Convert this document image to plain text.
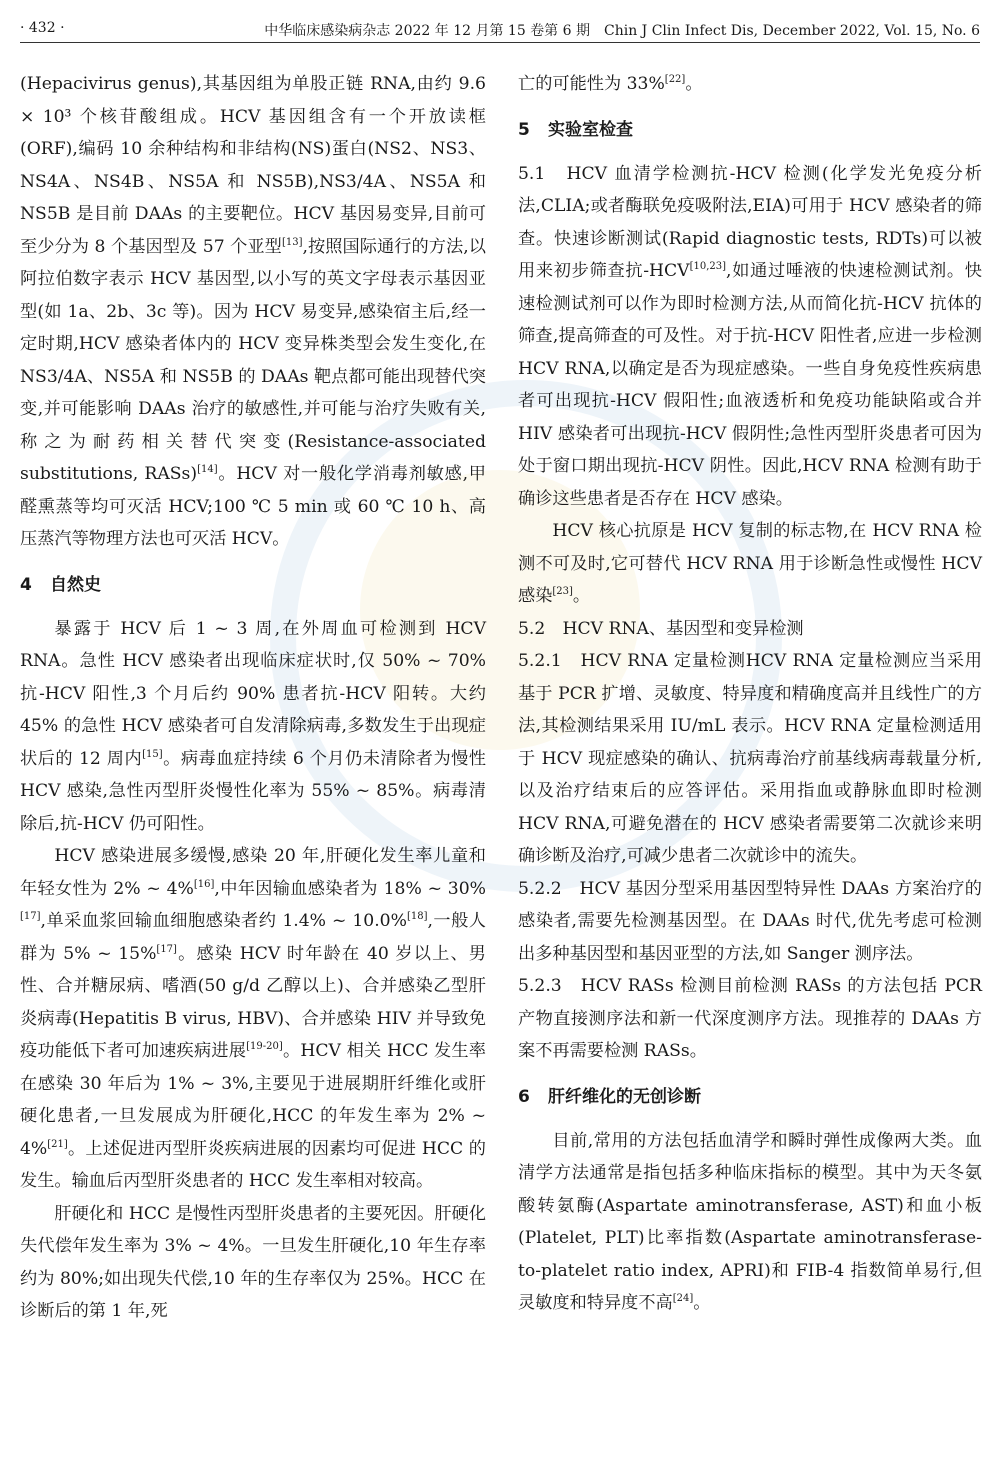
· 432 ·	中华临床感染病杂志 2022 年 12 月第 15 卷第 6 期　Chin J Clin Infect Dis, December 2022, Vol. 15, No. 6

(Hepacivirus genus),其基因组为单股正链 RNA,由约 9.6 × 10³ 个核苷酸组成。HCV 基因组含有一个开放读框(ORF),编码 10 余种结构和非结构(NS)蛋白(NS2、NS3、NS4A、NS4B、NS5A 和 NS5B),NS3/4A、NS5A 和 NS5B 是目前 DAAs 的主要靶位。HCV 基因易变异,目前可至少分为 8 个基因型及 57 个亚型[13],按照国际通行的方法,以阿拉伯数字表示 HCV 基因型,以小写的英文字母表示基因亚型(如 1a、2b、3c 等)。因为 HCV 易变异,感染宿主后,经一定时期,HCV 感染者体内的 HCV 变异株类型会发生变化,在 NS3/4A、NS5A 和 NS5B 的 DAAs 靶点都可能出现替代突变,并可能影响 DAAs 治疗的敏感性,并可能与治疗失败有关,称之为耐药相关替代突变(Resistance-associated substitutions, RASs)[14]。HCV 对一般化学消毒剂敏感,甲醛熏蒸等均可灭活 HCV;100 ℃ 5 min 或 60 ℃ 10 h、高压蒸汽等物理方法也可灭活 HCV。

4 自然史

暴露于 HCV 后 1 ~ 3 周,在外周血可检测到 HCV RNA。急性 HCV 感染者出现临床症状时,仅 50% ~ 70% 抗-HCV 阳性,3 个月后约 90% 患者抗-HCV 阳转。大约 45% 的急性 HCV 感染者可自发清除病毒,多数发生于出现症状后的 12 周内[15]。病毒血症持续 6 个月仍未清除者为慢性 HCV 感染,急性丙型肝炎慢性化率为 55% ~ 85%。病毒清除后,抗-HCV 仍可阳性。

HCV 感染进展多缓慢,感染 20 年,肝硬化发生率儿童和年轻女性为 2% ~ 4%[16],中年因输血感染者为 18% ~ 30%[17],单采血浆回输血细胞感染者约 1.4% ~ 10.0%[18],一般人群为 5% ~ 15%[17]。感染 HCV 时年龄在 40 岁以上、男性、合并糖尿病、嗜酒(50 g/d 乙醇以上)、合并感染乙型肝炎病毒(Hepatitis B virus, HBV)、合并感染 HIV 并导致免疫功能低下者可加速疾病进展[19-20]。HCV 相关 HCC 发生率在感染 30 年后为 1% ~ 3%,主要见于进展期肝纤维化或肝硬化患者,一旦发展成为肝硬化,HCC 的年发生率为 2% ~ 4%[21]。上述促进丙型肝炎疾病进展的因素均可促进 HCC 的发生。输血后丙型肝炎患者的 HCC 发生率相对较高。

肝硬化和 HCC 是慢性丙型肝炎患者的主要死因。肝硬化失代偿年发生率为 3% ~ 4%。一旦发生肝硬化,10 年生存率约为 80%;如出现失代偿,10 年的生存率仅为 25%。HCC 在诊断后的第 1 年,死

亡的可能性为 33%[22]。

5 实验室检查

5.1　HCV 血清学检测抗-HCV 检测(化学发光免疫分析法,CLIA;或者酶联免疫吸附法,EIA)可用于 HCV 感染者的筛查。快速诊断测试(Rapid diagnostic tests, RDTs)可以被用来初步筛查抗-HCV[10,23],如通过唾液的快速检测试剂。快速检测试剂可以作为即时检测方法,从而简化抗-HCV 抗体的筛查,提高筛查的可及性。对于抗-HCV 阳性者,应进一步检测 HCV RNA,以确定是否为现症感染。一些自身免疫性疾病患者可出现抗-HCV 假阳性;血液透析和免疫功能缺陷或合并 HIV 感染者可出现抗-HCV 假阴性;急性丙型肝炎患者可因为处于窗口期出现抗-HCV 阴性。因此,HCV RNA 检测有助于确诊这些患者是否存在 HCV 感染。

HCV 核心抗原是 HCV 复制的标志物,在 HCV RNA 检测不可及时,它可替代 HCV RNA 用于诊断急性或慢性 HCV 感染[23]。

5.2　HCV RNA、基因型和变异检测

5.2.1　HCV RNA 定量检测HCV RNA 定量检测应当采用基于 PCR 扩增、灵敏度、特异度和精确度高并且线性广的方法,其检测结果采用 IU/mL 表示。HCV RNA 定量检测适用于 HCV 现症感染的确认、抗病毒治疗前基线病毒载量分析,以及治疗结束后的应答评估。采用指血或静脉血即时检测 HCV RNA,可避免潜在的 HCV 感染者需要第二次就诊来明确诊断及治疗,可减少患者二次就诊中的流失。

5.2.2　HCV 基因分型采用基因型特异性 DAAs 方案治疗的感染者,需要先检测基因型。在 DAAs 时代,优先考虑可检测出多种基因型和基因亚型的方法,如 Sanger 测序法。

5.2.3　HCV RASs 检测目前检测 RASs 的方法包括 PCR 产物直接测序法和新一代深度测序方法。现推荐的 DAAs 方案不再需要检测 RASs。

6 肝纤维化的无创诊断

目前,常用的方法包括血清学和瞬时弹性成像两大类。血清学方法通常是指包括多种临床指标的模型。其中为天冬氨酸转氨酶(Aspartate aminotransferase, AST)和血小板(Platelet, PLT)比率指数(Aspartate aminotransferase- to-platelet ratio index, APRI)和 FIB-4 指数简单易行,但灵敏度和特异度不高[24]。
